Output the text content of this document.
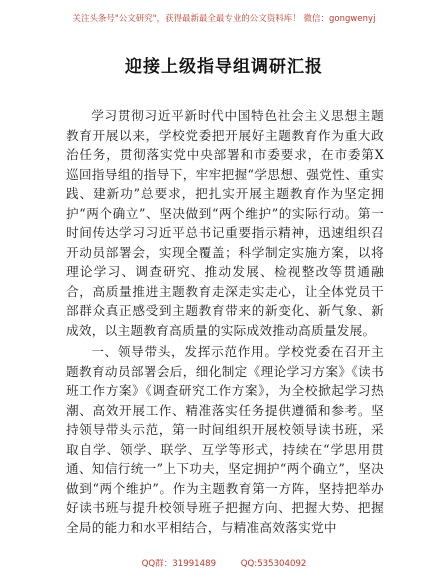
关注头条号"公文研究"，获得最新最全最专业的公文资料库！ 微信：gongwenyj
迎接上级指导组调研汇报

学习贯彻习近平新时代中国特色社会主义思想主题教育开展以来，学校党委把开展好主题教育作为重大政治任务，贯彻落实党中央部署和市委要求，在市委第X巡回指导组的指导下，牢牢把握“学思想、强党性、重实践、建新功”总要求，把扎实开展主题教育作为坚定拥护“两个确立”、坚决做到“两个维护”的实际行动。第一时间传达学习习近平总书记重要指示精神，迅速组织召开动员部署会，实现全覆盖；科学制定实施方案，以将理论学习、调查研究、推动发展、检视整改等贯通融合，高质量推进主题教育走深走实走心，让全体党员干部群众真正感受到主题教育带来的新变化、新气象、新成效，以主题教育高质量的实际成效推动高质量发展。

一、领导带头，发挥示范作用。学校党委在召开主题教育动员部署会后，细化制定《理论学习方案》《读书班工作方案》《调查研究工作方案》，为全校掀起学习热潮、高效开展工作、精准落实任务提供遵循和参考。坚持领导带头示范，第一时间组织开展校领导读书班，采取自学、领学、联学、互学等形式，持续在“学思用贯通、知信行统一”上下功夫，坚定拥护“两个确立”，坚决做到“两个维护”。作为主题教育第一方阵，坚持把举办好读书班与提升校领导班子把握方向、把握大势、把握全局的能力和水平相结合，与精准高效落实党中

QQ群：31991489 QQ:535304092
